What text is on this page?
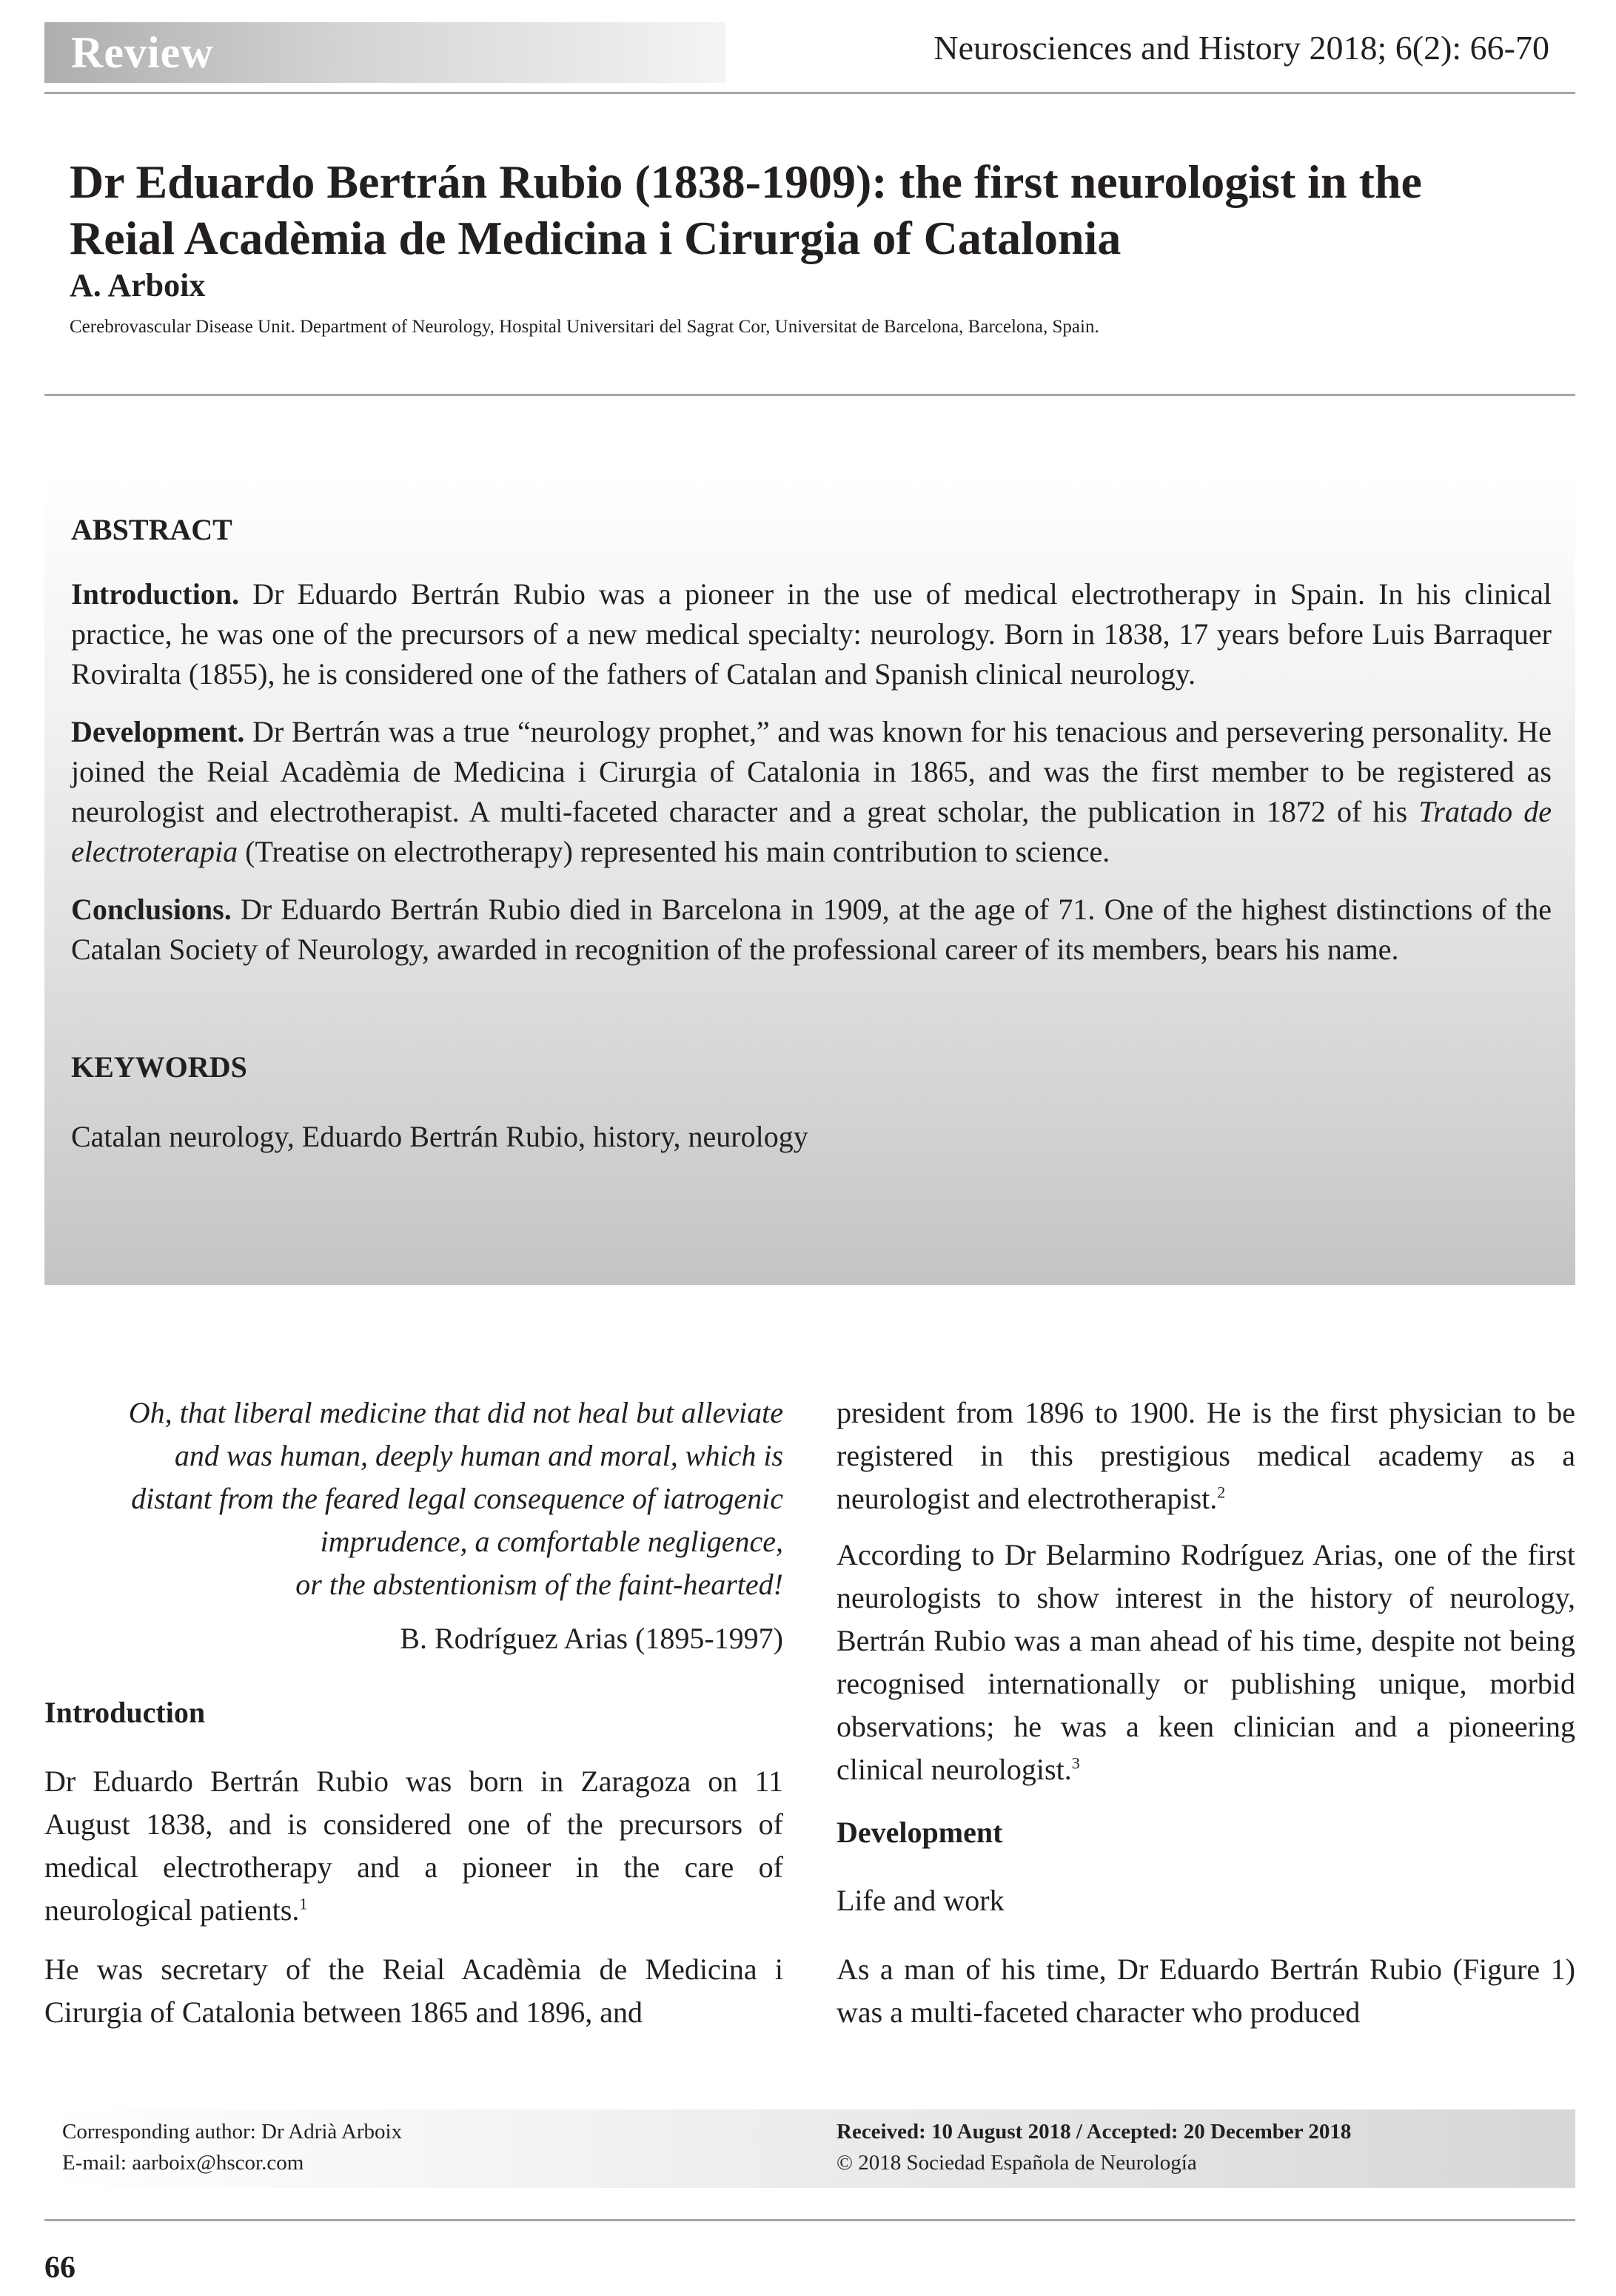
Review	Neurosciences and History 2018; 6(2): 66-70
Dr Eduardo Bertrán Rubio (1838-1909): the first neurologist in the
Reial Acadèmia de Medicina i Cirurgia of Catalonia
A. Arboix
Cerebrovascular Disease Unit. Department of Neurology, Hospital Universitari del Sagrat Cor, Universitat de Barcelona, Barcelona, Spain.
ABSTRACT
Introduction. Dr Eduardo Bertrán Rubio was a pioneer in the use of medical electrotherapy in Spain. In his clinical practice, he was one of the precursors of a new medical specialty: neurology. Born in 1838, 17 years before Luis Barraquer Roviralta (1855), he is considered one of the fathers of Catalan and Spanish clinical neurology.
Development. Dr Bertrán was a true “neurology prophet,” and was known for his tenacious and persevering personality. He joined the Reial Acadèmia de Medicina i Cirurgia of Catalonia in 1865, and was the first member to be registered as neurologist and electrotherapist. A multi-faceted character and a great scholar, the publication in 1872 of his Tratado de electroterapia (Treatise on electrotherapy) represented his main contribution to science.
Conclusions. Dr Eduardo Bertrán Rubio died in Barcelona in 1909, at the age of 71. One of the highest distinctions of the Catalan Society of Neurology, awarded in recognition of the professional career of its members, bears his name.
KEYWORDS
Catalan neurology, Eduardo Bertrán Rubio, history, neurology
Oh, that liberal medicine that did not heal but alleviate
and was human, deeply human and moral, which is
distant from the feared legal consequence of iatrogenic
imprudence, a comfortable negligence,
or the abstentionism of the faint-hearted!
B. Rodríguez Arias (1895-1997)
Introduction
Dr Eduardo Bertrán Rubio was born in Zaragoza on 11 August 1838, and is considered one of the precursors of medical electrotherapy and a pioneer in the care of neurological patients.$^1$
He was secretary of the Reial Acadèmia de Medicina i Cirurgia of Catalonia between 1865 and 1896, and
president from 1896 to 1900. He is the first physician to be registered in this prestigious medical academy as a neurologist and electrotherapist.$^2$
According to Dr Belarmino Rodríguez Arias, one of the first neurologists to show interest in the history of neurology, Bertrán Rubio was a man ahead of his time, despite not being recognised internationally or publishing unique, morbid observations; he was a keen clinician and a pioneering clinical neurologist.$^3$
Development
Life and work
As a man of his time, Dr Eduardo Bertrán Rubio (Figure 1) was a multi-faceted character who produced
Corresponding author: Dr Adrià Arboix
E-mail: aarboix@hscor.com
Received: 10 August 2018 / Accepted: 20 December 2018
© 2018 Sociedad Española de Neurología
66
